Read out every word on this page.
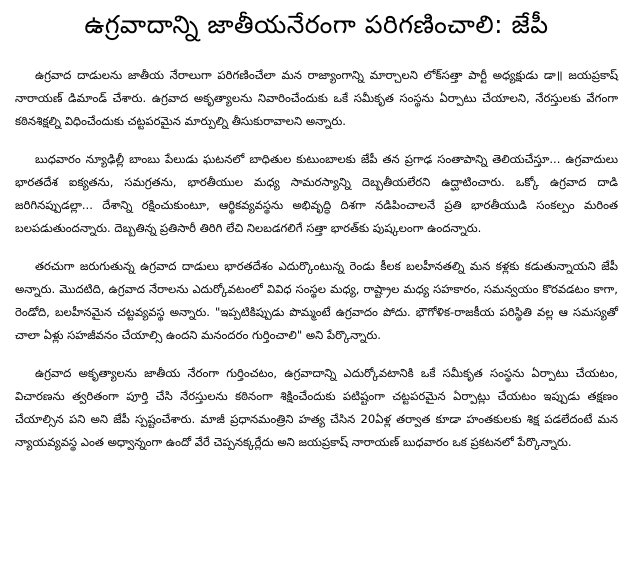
ఉగ్రవాదాన్ని జాతీయనేరంగా పరిగణించాలి: జేపీ

ఉగ్రవాద దాడులను జాతీయ నేరాలుగా పరిగణించేలా మన రాజ్యాంగాన్ని మార్చాలని లోక్‌సత్తా పార్టీ అధ్యక్షుడు డా॥ జయప్రకాష్ నారాయణ్ డిమాండ్ చేశారు. ఉగ్రవాద అకృత్యాలను నివారించేందుకు ఒకే సమీకృత సంస్థను ఏర్పాటు చేయాలని, నేరస్తులకు వేగంగా కఠినశిక్షల్ని విధించేందుకు చట్టపరమైన మార్పుల్ని తీసుకురావాలని అన్నారు.

బుధవారం న్యూఢిల్లీ బాంబు పేలుడు ఘటనలో బాధితుల కుటుంబాలకు జేపీ తన ప్రగాఢ సంతాపాన్ని తెలియచేస్తూ... ఉగ్రవాదులు భారతదేశ ఐక్యతను, సమగ్రతను, భారతీయుల మధ్య సామరస్యాన్ని దెబ్బతీయలేరని ఉద్ఘాటించారు. ఒక్కో ఉగ్రవాద దాడి జరిగినప్పుడల్లా... దేశాన్ని రక్షించుకుంటూ, ఆర్థికవ్యవస్థను అభివృద్ధి దిశగా నడిపించాలనే ప్రతి భారతీయుడి సంకల్పం మరింత బలపడుతుందన్నారు. దెబ్బతిన్న ప్రతిసారీ తిరిగి లేచి నిలబడగలిగే సత్తా భారత్‌కు పుష్కలంగా ఉందన్నారు.

తరచుగా జరుగుతున్న ఉగ్రవాద దాడులు భారతదేశం ఎదుర్కొంటున్న రెండు కీలక బలహీనతల్ని మన కళ్లకు కడుతున్నాయని జేపీ అన్నారు. మొదటిది, ఉగ్రవాద నేరాలను ఎదుర్కోవటంలో వివిధ సంస్థల మధ్య, రాష్ట్రాల మధ్య సహకారం, సమన్వయం కొరవడటం కాగా, రెండోది, బలహీనమైన చట్టవ్యవస్థ అన్నారు. "ఇప్పటికిప్పుడు పొమ్మంటే ఉగ్రవాదం పోదు. భౌగోళిక-రాజకీయ పరిస్థితి వల్ల ఆ సమస్యతో చాలా ఏళ్లు సహజీవనం చేయాల్సి ఉందని మనందరం గుర్తించాలి" అని పేర్కొన్నారు.

ఉగ్రవాద అకృత్యాలను జాతీయ నేరంగా గుర్తించటం, ఉగ్రవాదాన్ని ఎదుర్కోవటానికి ఒకే సమీకృత సంస్థను ఏర్పాటు చేయటం, విచారణను త్వరితంగా పూర్తి చేసి నేరస్తులను కఠినంగా శిక్షించేందుకు పటిష్టంగా చట్టపరమైన ఏర్పాట్లు చేయటం ఇప్పుడు తక్షణం చేయాల్సిన పని అని జేపీ స్పష్టంచేశారు. మాజీ ప్రధానమంత్రిని హత్య చేసిన 20ఏళ్ల తర్వాత కూడా హంతకులకు శిక్ష పడలేదంటే మన న్యాయవ్యవస్థ ఎంత అధ్వాన్నంగా ఉందో వేరే చెప్పనక్కర్లేదు అని జయప్రకాష్ నారాయణ్ బుధవారం ఒక ప్రకటనలో పేర్కొన్నారు.
